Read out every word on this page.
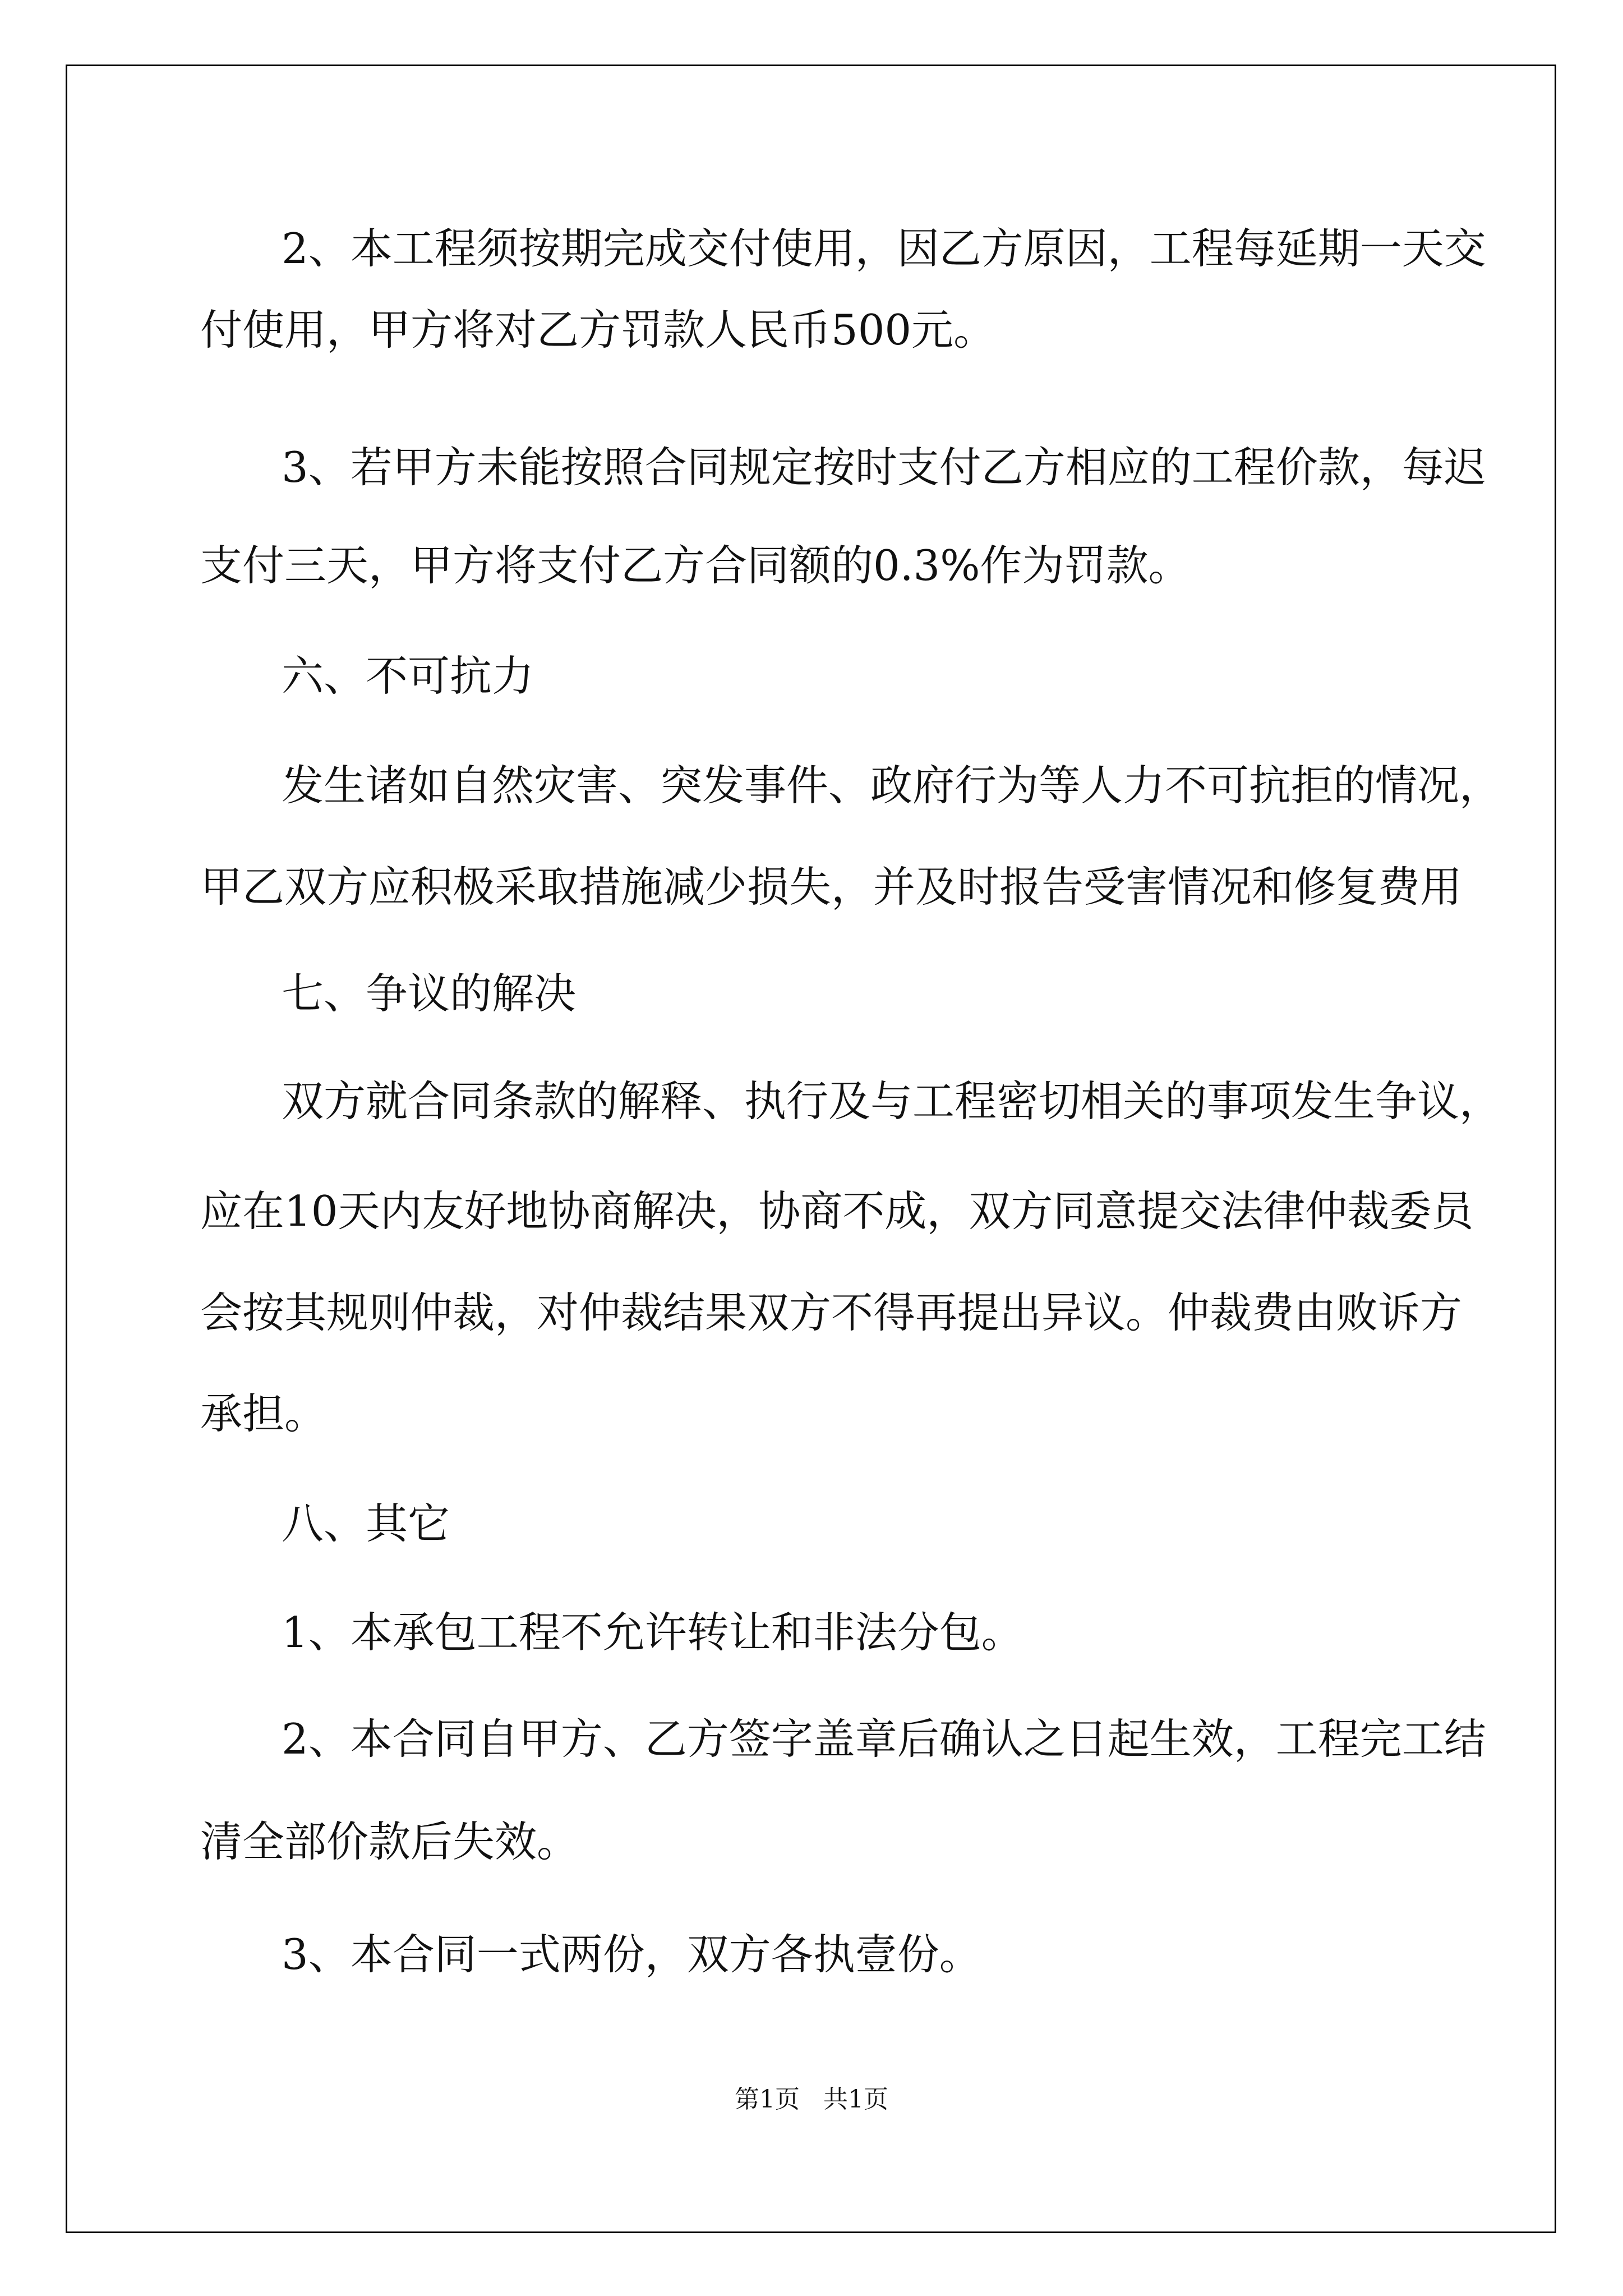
2、本工程须按期完成交付使用，因乙方原因，工程每延期一天交
付使用，甲方将对乙方罚款人民币500元。
3、若甲方未能按照合同规定按时支付乙方相应的工程价款，每迟
支付三天，甲方将支付乙方合同额的0.3%作为罚款。
六、不可抗力
发生诸如自然灾害、突发事件、政府行为等人力不可抗拒的情况，
甲乙双方应积极采取措施减少损失，并及时报告受害情况和修复费用
七、争议的解决
双方就合同条款的解释、执行及与工程密切相关的事项发生争议，
应在10天内友好地协商解决，协商不成，双方同意提交法律仲裁委员
会按其规则仲裁，对仲裁结果双方不得再提出异议。仲裁费由败诉方
承担。
八、其它
1、本承包工程不允许转让和非法分包。
2、本合同自甲方、乙方签字盖章后确认之日起生效，工程完工结
清全部价款后失效。
3、本合同一式两份，双方各执壹份。
第1页   共1页
